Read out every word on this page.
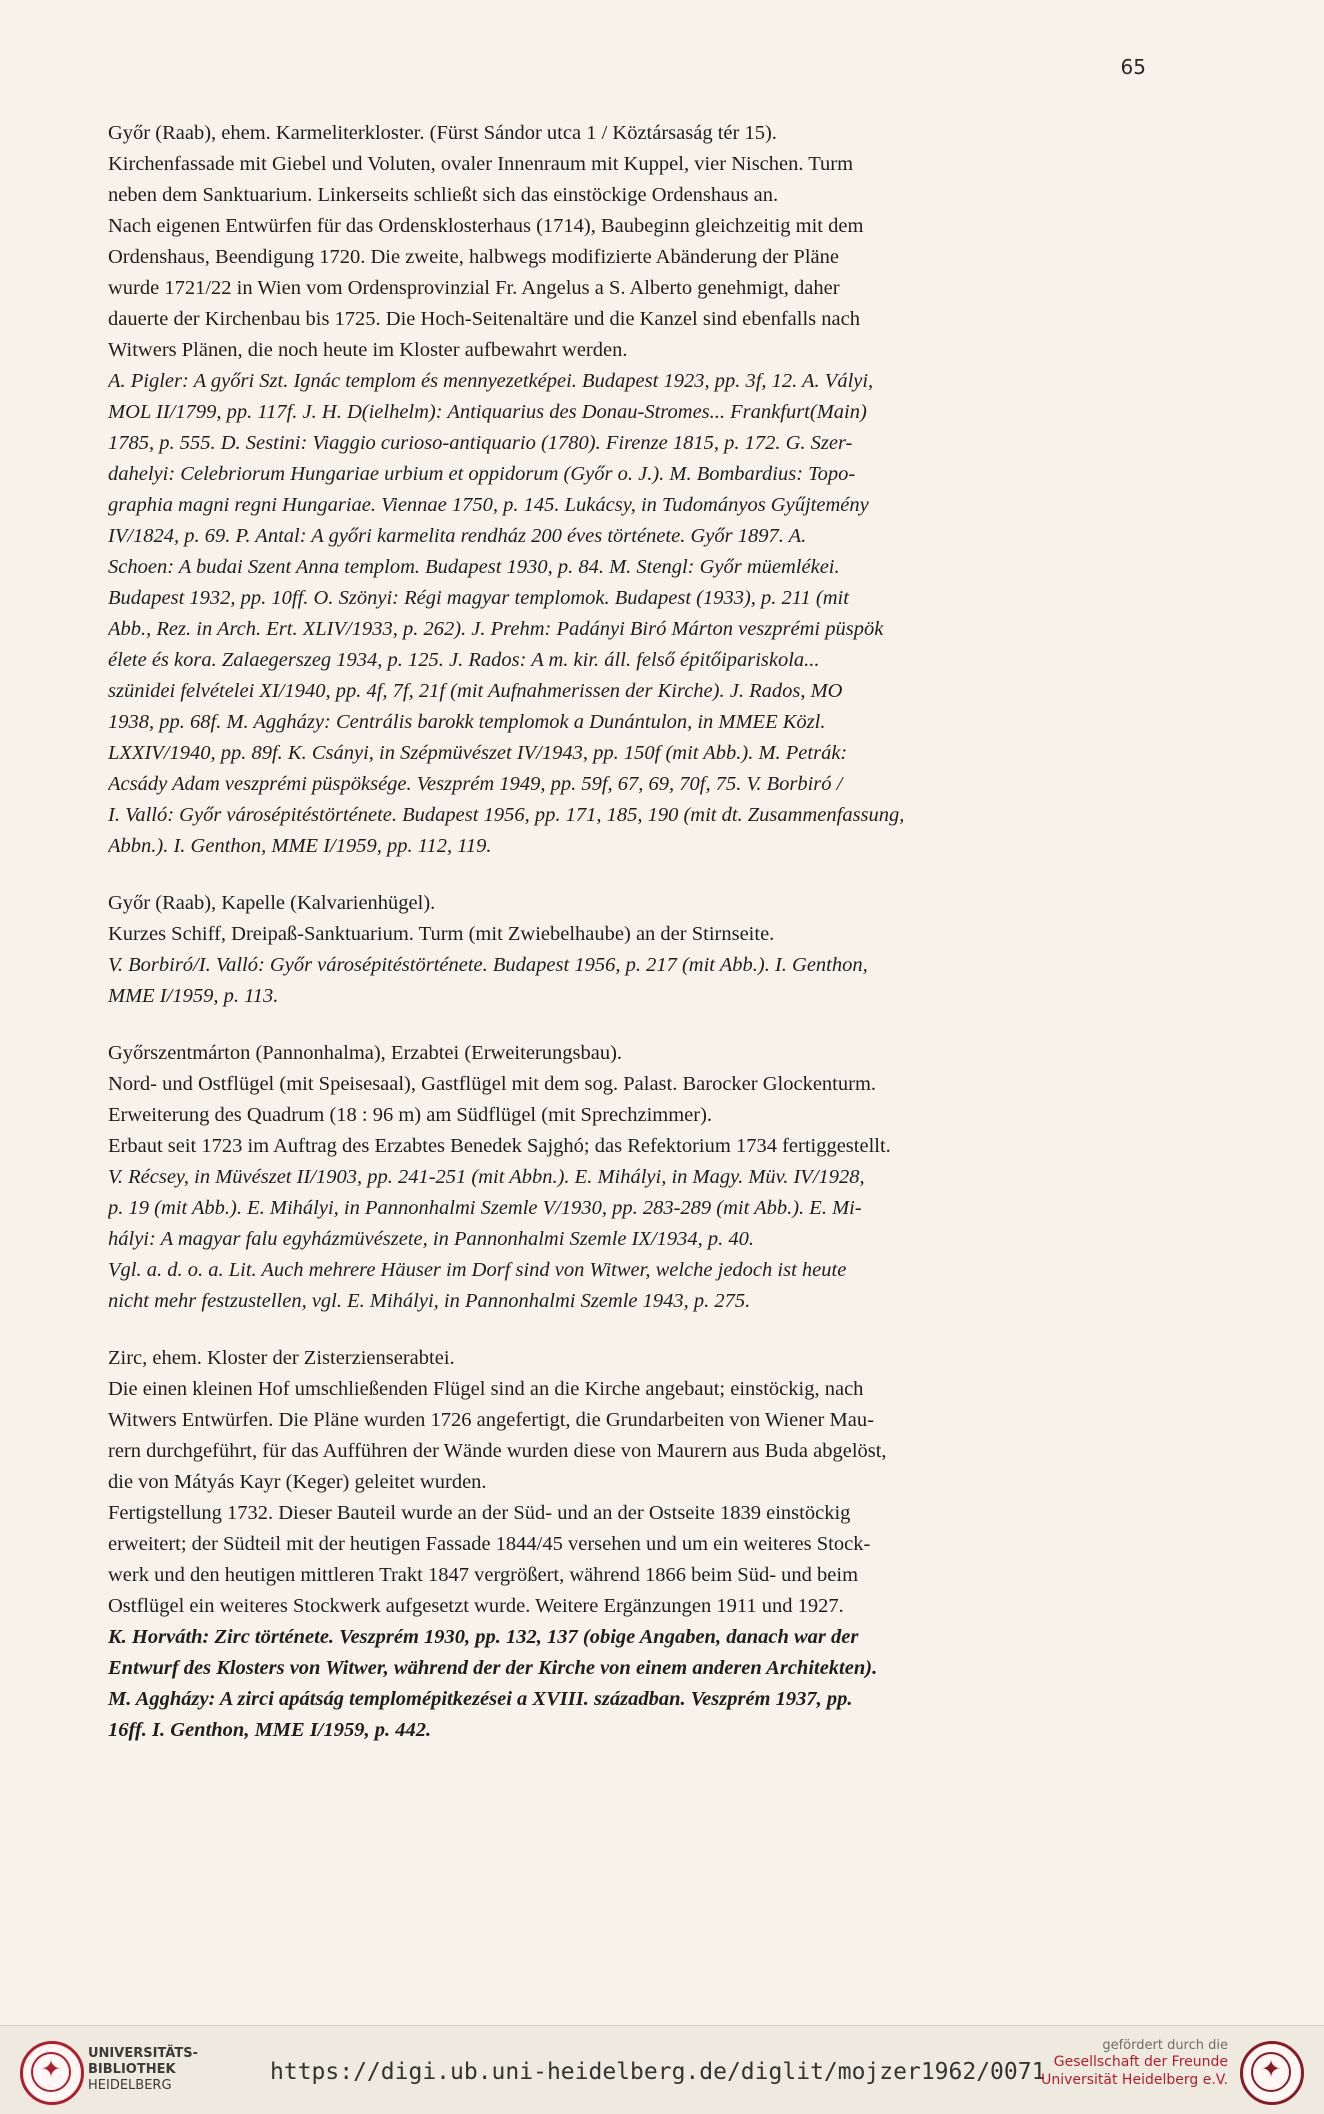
65
Győr (Raab), ehem. Karmeliterkloster. (Fürst Sándor utca 1 / Köztársaság tér 15).
Kirchenfassade mit Giebel und Voluten, ovaler Innenraum mit Kuppel, vier Nischen. Turm
neben dem Sanktuarium. Linkerseits schließt sich das einstöckige Ordenshaus an.
Nach eigenen Entwürfen für das Ordensklosterhaus (1714), Baubeginn gleichzeitig mit dem
Ordenshaus, Beendigung 1720. Die zweite, halbwegs modifizierte Abänderung der Pläne
wurde 1721/22 in Wien vom Ordensprovinzial Fr. Angelus a S. Alberto genehmigt, daher
dauerte der Kirchenbau bis 1725. Die Hoch-Seitenaltäre und die Kanzel sind ebenfalls nach
Witwers Plänen, die noch heute im Kloster aufbewahrt werden.
A. Pigler: A győri Szt. Ignác templom és mennyezetképei. Budapest 1923, pp. 3f, 12. A. Vályi,
MOL II/1799, pp. 117f. J. H. D(ielhelm): Antiquarius des Donau-Stromes... Frankfurt(Main)
1785, p. 555. D. Sestini: Viaggio curioso-antiquario (1780). Firenze 1815, p. 172. G. Szer-
dahelyi: Celebriorum Hungariae urbium et oppidorum (Győr o. J.). M. Bombardius: Topo-
graphia magni regni Hungariae. Viennae 1750, p. 145. Lukácsy, in Tudományos Gyűjtemény
IV/1824, p. 69. P. Antal: A győri karmelita rendház 200 éves története. Győr 1897. A.
Schoen: A budai Szent Anna templom. Budapest 1930, p. 84. M. Stengl: Győr müemlékei.
Budapest 1932, pp. 10ff. O. Szönyi: Régi magyar templomok. Budapest (1933), p. 211 (mit
Abb., Rez. in Arch. Ert. XLIV/1933, p. 262). J. Prehm: Padányi Biró Márton veszprémi püspök
élete és kora. Zalaegerszeg 1934, p. 125. J. Rados: A m. kir. áll. felső épitőipariskola...
szünidei felvételei XI/1940, pp. 4f, 7f, 21f (mit Aufnahmerissen der Kirche). J. Rados, MO
1938, pp. 68f. M. Aggházy: Centrális barokk templomok a Dunántulon, in MMEE Közl.
LXXIV/1940, pp. 89f. K. Csányi, in Szépmüvészet IV/1943, pp. 150f (mit Abb.). M. Petrák:
Acsády Adam veszprémi püspöksége. Veszprém 1949, pp. 59f, 67, 69, 70f, 75. V. Borbiró /
I. Valló: Győr városépitéstörténete. Budapest 1956, pp. 171, 185, 190 (mit dt. Zusammenfassung,
Abbn.). I. Genthon, MME I/1959, pp. 112, 119.
Győr (Raab), Kapelle (Kalvarienhügel).
Kurzes Schiff, Dreipaß-Sanktuarium. Turm (mit Zwiebelhaube) an der Stirnseite.
V. Borbiró/I. Valló: Győr városépitéstörténete. Budapest 1956, p. 217 (mit Abb.). I. Genthon,
MME I/1959, p. 113.
Győrszentmárton (Pannonhalma), Erzabtei (Erweiterungsbau).
Nord- und Ostflügel (mit Speisesaal), Gastflügel mit dem sog. Palast. Barocker Glockenturm.
Erweiterung des Quadrum (18 : 96 m) am Südflügel (mit Sprechzimmer).
Erbaut seit 1723 im Auftrag des Erzabtes Benedek Sajghó; das Refektorium 1734 fertiggestellt.
V. Récsey, in Müvészet II/1903, pp. 241-251 (mit Abbn.). E. Mihályi, in Magy. Müv. IV/1928,
p. 19 (mit Abb.). E. Mihályi, in Pannonhalmi Szemle V/1930, pp. 283-289 (mit Abb.). E. Mi-
hályi: A magyar falu egyházmüvészete, in Pannonhalmi Szemle IX/1934, p. 40.
Vgl. a. d. o. a. Lit. Auch mehrere Häuser im Dorf sind von Witwer, welche jedoch ist heute
nicht mehr festzustellen, vgl. E. Mihályi, in Pannonhalmi Szemle 1943, p. 275.
Zirc, ehem. Kloster der Zisterzienserabtei.
Die einen kleinen Hof umschließenden Flügel sind an die Kirche angebaut; einstöckig, nach
Witwers Entwürfen. Die Pläne wurden 1726 angefertigt, die Grundarbeiten von Wiener Mau-
rern durchgeführt, für das Aufführen der Wände wurden diese von Maurern aus Buda abgelöst,
die von Mátyás Kayr (Keger) geleitet wurden.
Fertigstellung 1732. Dieser Bauteil wurde an der Süd- und an der Ostseite 1839 einstöckig
erweitert; der Südteil mit der heutigen Fassade 1844/45 versehen und um ein weiteres Stock-
werk und den heutigen mittleren Trakt 1847 vergrößert, während 1866 beim Süd- und beim
Ostflügel ein weiteres Stockwerk aufgesetzt wurde. Weitere Ergänzungen 1911 und 1927.
K. Horváth: Zirc története. Veszprém 1930, pp. 132, 137 (obige Angaben, danach war der
Entwurf des Klosters von Witwer, während der der Kirche von einem anderen Architekten).
M. Aggházy: A zirci apátság templomépitkezései a XVIII. században. Veszprém 1937, pp.
16ff. I. Genthon, MME I/1959, p. 442.
✦
UNIVERSITÄTS-
BIBLIOTHEK
HEIDELBERG
https://digi.ub.uni-heidelberg.de/diglit/mojzer1962/0071
gefördert durch die
Gesellschaft der Freunde
Universität Heidelberg e.V.
✦
